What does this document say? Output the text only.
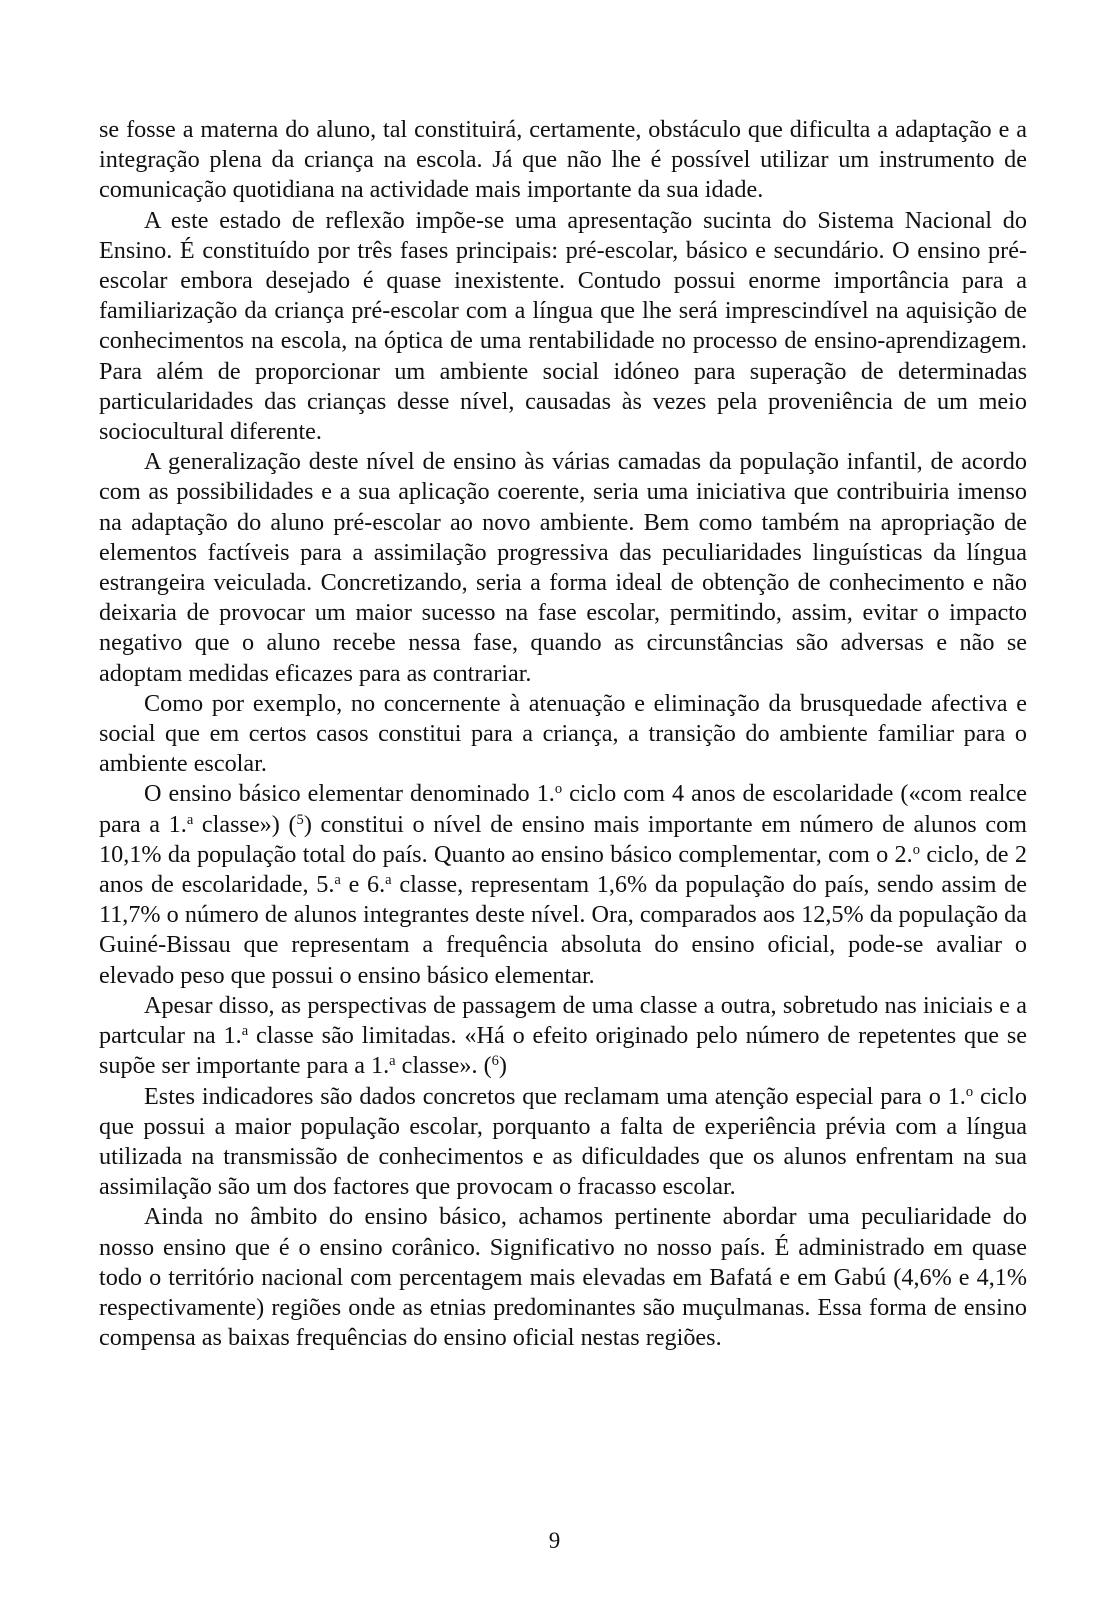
se fosse a materna do aluno, tal constituirá, certamente, obstáculo que dificulta a adaptação e a integração plena da criança na escola. Já que não lhe é possível utilizar um instrumento de comunicação quotidiana na actividade mais importante da sua idade.

A este estado de reflexão impõe-se uma apresentação sucinta do Sistema Nacional do Ensino. É constituído por três fases principais: pré-escolar, básico e secundário. O ensino pré-escolar embora desejado é quase inexistente. Contudo possui enorme importância para a familiarização da criança pré-escolar com a língua que lhe será imprescindível na aquisição de conhecimentos na escola, na óptica de uma rentabilidade no processo de ensino-aprendizagem. Para além de proporcionar um ambiente social idóneo para superação de determinadas particularidades das crianças desse nível, causadas às vezes pela proveniência de um meio sociocultural diferente.

A generalização deste nível de ensino às várias camadas da população infantil, de acordo com as possibilidades e a sua aplicação coerente, seria uma iniciativa que contribuiria imenso na adaptação do aluno pré-escolar ao novo ambiente. Bem como também na apropriação de elementos factíveis para a assimilação progressiva das peculiaridades linguísticas da língua estrangeira veiculada. Concretizando, seria a forma ideal de obtenção de conhecimento e não deixaria de provocar um maior sucesso na fase escolar, permitindo, assim, evitar o impacto negativo que o aluno recebe nessa fase, quando as circunstâncias são adversas e não se adoptam medidas eficazes para as contrariar.

Como por exemplo, no concernente à atenuação e eliminação da brusquedade afectiva e social que em certos casos constitui para a criança, a transição do ambiente familiar para o ambiente escolar.

O ensino básico elementar denominado 1.$^o$ ciclo com 4 anos de escolaridade («com realce para a 1.$^a$ classe») ($^5$) constitui o nível de ensino mais importante em número de alunos com 10,1% da população total do país. Quanto ao ensino básico complementar, com o 2.$^o$ ciclo, de 2 anos de escolaridade, 5.$^a$ e 6.$^a$ classe, representam 1,6% da população do país, sendo assim de 11,7% o número de alunos integrantes deste nível. Ora, comparados aos 12,5% da população da Guiné-Bissau que representam a frequência absoluta do ensino oficial, pode-se avaliar o elevado peso que possui o ensino básico elementar.

Apesar disso, as perspectivas de passagem de uma classe a outra, sobretudo nas iniciais e a partcular na 1.$^a$ classe são limitadas. «Há o efeito originado pelo número de repetentes que se supõe ser importante para a 1.$^a$ classe». ($^6$)

Estes indicadores são dados concretos que reclamam uma atenção especial para o 1.$^o$ ciclo que possui a maior população escolar, porquanto a falta de experiência prévia com a língua utilizada na transmissão de conhecimentos e as dificuldades que os alunos enfrentam na sua assimilação são um dos factores que provocam o fracasso escolar.

Ainda no âmbito do ensino básico, achamos pertinente abordar uma peculiaridade do nosso ensino que é o ensino corânico. Significativo no nosso país. É administrado em quase todo o território nacional com percentagem mais elevadas em Bafatá e em Gabú (4,6% e 4,1% respectivamente) regiões onde as etnias predominantes são muçulmanas. Essa forma de ensino compensa as baixas frequências do ensino oficial nestas regiões.

9
